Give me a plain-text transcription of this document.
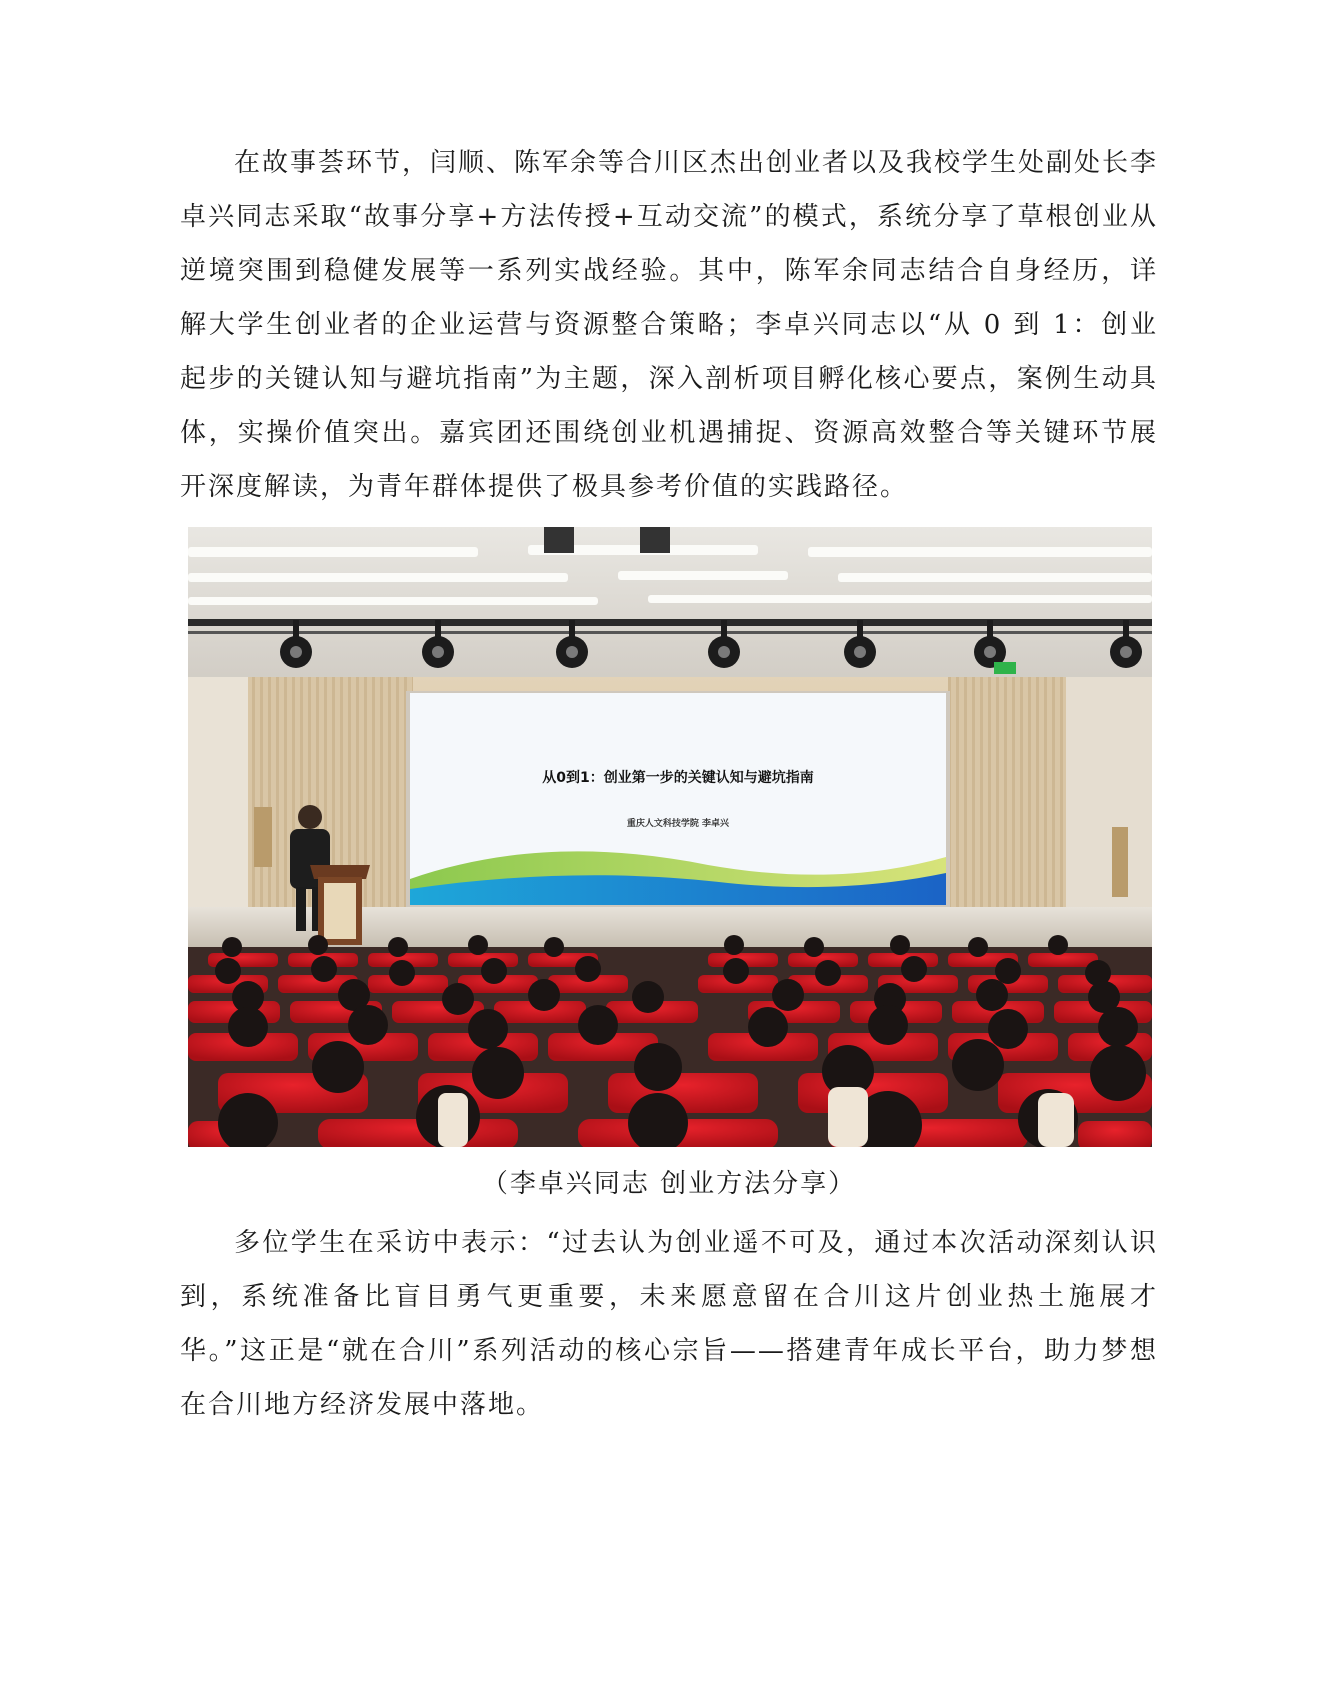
在故事荟环节，闫顺、陈军余等合川区杰出创业者以及我校学生处副处长李卓兴同志采取“故事分享+方法传授+互动交流”的模式，系统分享了草根创业从逆境突围到稳健发展等一系列实战经验。其中，陈军余同志结合自身经历，详解大学生创业者的企业运营与资源整合策略；李卓兴同志以“从 0 到 1：创业起步的关键认知与避坑指南”为主题，深入剖析项目孵化核心要点，案例生动具体，实操价值突出。嘉宾团还围绕创业机遇捕捉、资源高效整合等关键环节展开深度解读，为青年群体提供了极具参考价值的实践路径。

从0到1：创业第一步的关键认知与避坑指南
重庆人文科技学院 李卓兴

（李卓兴同志 创业方法分享）

多位学生在采访中表示：“过去认为创业遥不可及，通过本次活动深刻认识到，系统准备比盲目勇气更重要，未来愿意留在合川这片创业热土施展才华。”这正是“就在合川”系列活动的核心宗旨——搭建青年成长平台，助力梦想在合川地方经济发展中落地。
